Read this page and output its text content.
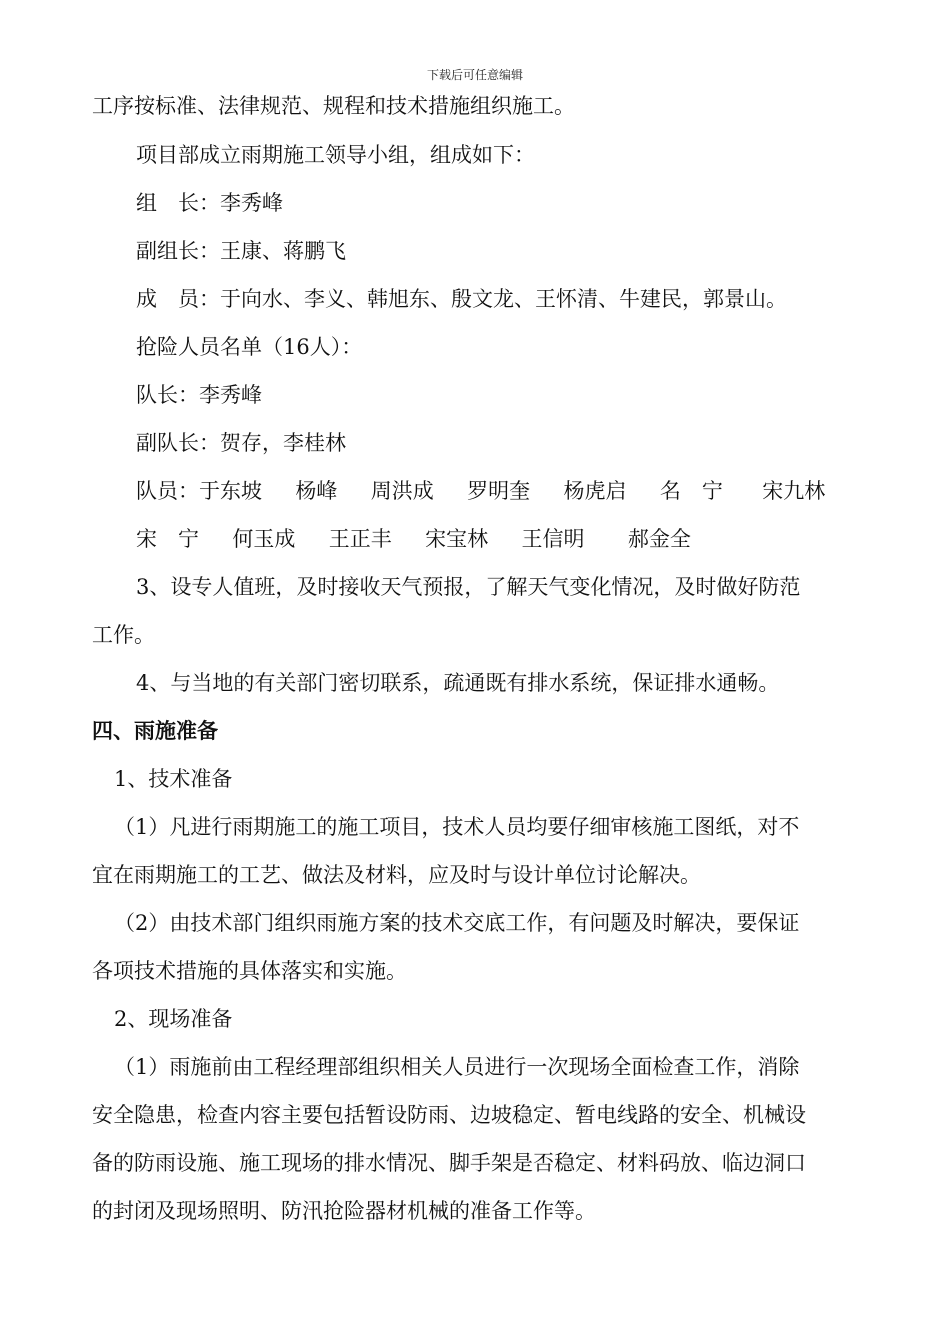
下载后可任意编辑
工序按标准、法律规范、规程和技术措施组织施工。
项目部成立雨期施工领导小组，组成如下：
组　长：李秀峰
副组长：王康、蒋鹏飞
成　员：于向水、李义、韩旭东、殷文龙、王怀清、牛建民，郭景山。
抢险人员名单（16人）：
队长：李秀峰
副队长：贺存，李桂林
队员：于东坡 杨峰 周洪成 罗明奎 杨虎启 名　宁 宋九林
宋　宁 何玉成 王正丰 宋宝林 王信明 郝金全
3、设专人值班，及时接收天气预报，了解天气变化情况，及时做好防范
工作。
4、与当地的有关部门密切联系，疏通既有排水系统，保证排水通畅。
四、雨施准备
1、技术准备
（1）凡进行雨期施工的施工项目，技术人员均要仔细审核施工图纸，对不
宜在雨期施工的工艺、做法及材料，应及时与设计单位讨论解决。
（2）由技术部门组织雨施方案的技术交底工作，有问题及时解决，要保证
各项技术措施的具体落实和实施。
2、现场准备
（1）雨施前由工程经理部组织相关人员进行一次现场全面检查工作，消除
安全隐患，检查内容主要包括暂设防雨、边坡稳定、暂电线路的安全、机械设
备的防雨设施、施工现场的排水情况、脚手架是否稳定、材料码放、临边洞口
的封闭及现场照明、防汛抢险器材机械的准备工作等。
